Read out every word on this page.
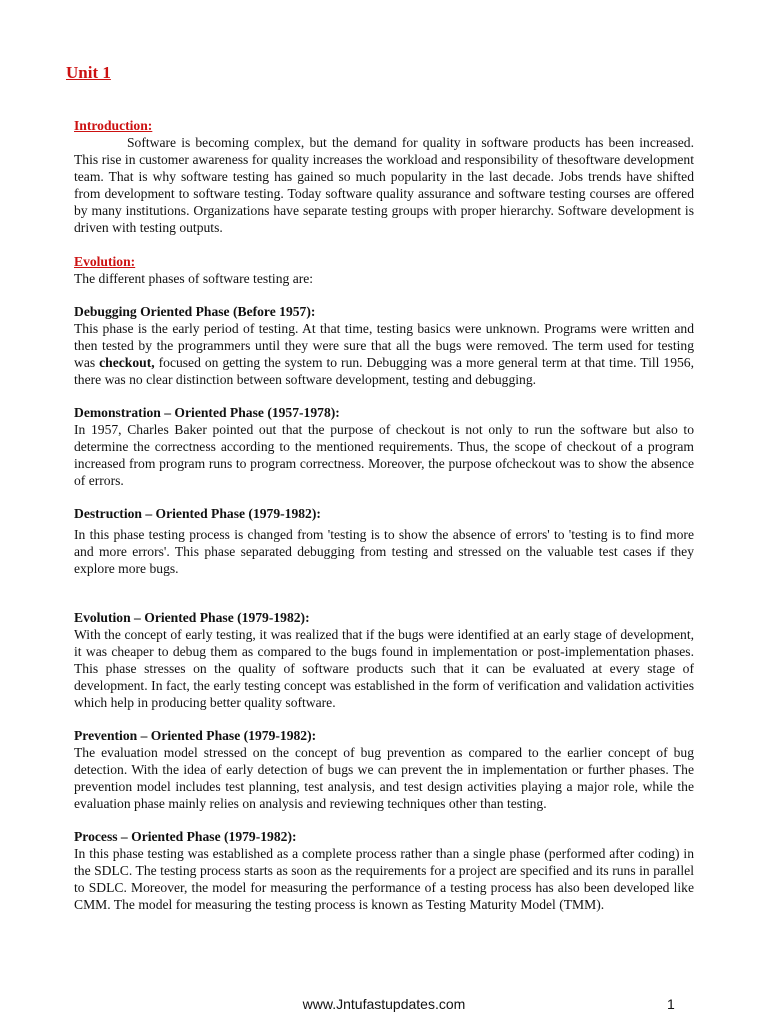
Unit 1
Introduction:

Software is becoming complex, but the demand for quality in software products has been increased. This rise in customer awareness for quality increases the workload and responsibility of thesoftware development team. That is why software testing has gained so much popularity in the last decade. Jobs trends have shifted from development to software testing. Today software quality assurance and software testing courses are offered by many institutions. Organizations have separate testing groups with proper hierarchy. Software development is driven with testing outputs.

Evolution:

The different phases of software testing are:

Debugging Oriented Phase (Before 1957):

This phase is the early period of testing. At that time, testing basics were unknown. Programs were written and then tested by the programmers until they were sure that all the bugs were removed. The term used for testing was checkout, focused on getting the system to run. Debugging was a more general term at that time. Till 1956, there was no clear distinction between software development, testing and debugging.

Demonstration – Oriented Phase (1957-1978):

In 1957, Charles Baker pointed out that the purpose of checkout is not only to run the software but also to determine the correctness according to the mentioned requirements. Thus, the scope of checkout of a program increased from program runs to program correctness. Moreover, the purpose ofcheckout was to show the absence of errors.

Destruction – Oriented Phase (1979-1982):

In this phase testing process is changed from 'testing is to show the absence of errors' to 'testing is to find more and more errors'. This phase separated debugging from testing and stressed on the valuable test cases if they explore more bugs.

Evolution – Oriented Phase (1979-1982):

With the concept of early testing, it was realized that if the bugs were identified at an early stage of development, it was cheaper to debug them as compared to the bugs found in implementation or post-implementation phases. This phase stresses on the quality of software products such that it can be evaluated at every stage of development. In fact, the early testing concept was established in the form of verification and validation activities which help in producing better quality software.

Prevention – Oriented Phase (1979-1982):

The evaluation model stressed on the concept of bug prevention as compared to the earlier concept of bug detection. With the idea of early detection of bugs we can prevent the in implementation or further phases. The prevention model includes test planning, test analysis, and test design activities playing a major role, while the evaluation phase mainly relies on analysis and reviewing techniques other than testing.

Process – Oriented Phase (1979-1982):

In this phase testing was established as a complete process rather than a single phase (performed after coding) in the SDLC. The testing process starts as soon as the requirements for a project are specified and its runs in parallel to SDLC. Moreover, the model for measuring the performance of a testing process has also been developed like CMM. The model for measuring the testing process is known as Testing Maturity Model (TMM).

www.Jntufastupdates.com	1
